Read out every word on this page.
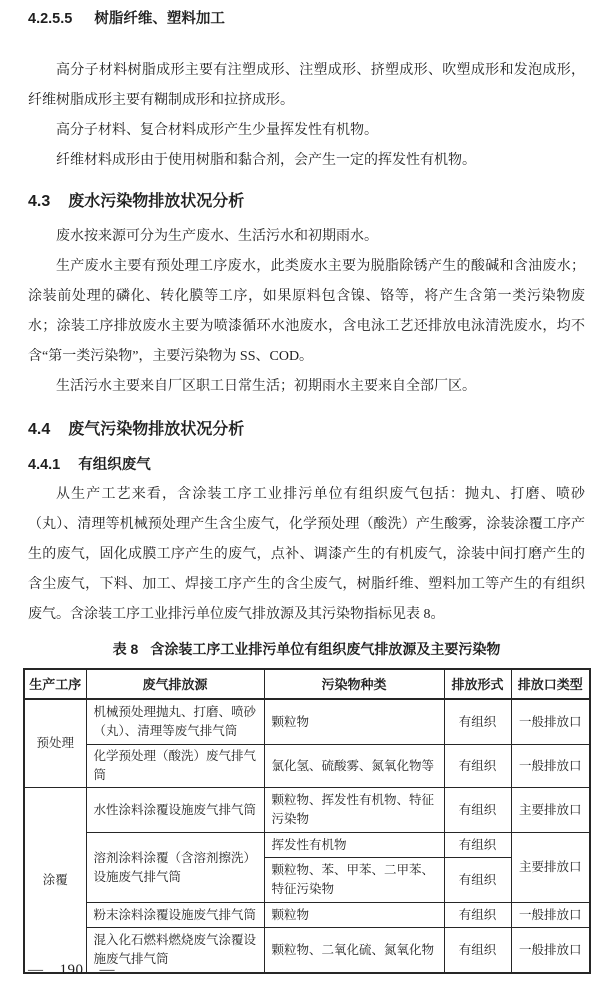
4.2.5.5 树脂纤维、塑料加工

高分子材料树脂成形主要有注塑成形、注塑成形、挤塑成形、吹塑成形和发泡成形，纤维树脂成形主要有糊制成形和拉挤成形。

高分子材料、复合材料成形产生少量挥发性有机物。

纤维材料成形由于使用树脂和黏合剂，会产生一定的挥发性有机物。

4.3 废水污染物排放状况分析

废水按来源可分为生产废水、生活污水和初期雨水。

生产废水主要有预处理工序废水，此类废水主要为脱脂除锈产生的酸碱和含油废水；涂装前处理的磷化、转化膜等工序，如果原料包含镍、铬等，将产生含第一类污染物废水；涂装工序排放废水主要为喷漆循环水池废水，含电泳工艺还排放电泳清洗废水，均不含“第一类污染物”，主要污染物为 SS、COD。

生活污水主要来自厂区职工日常生活；初期雨水主要来自全部厂区。

4.4 废气污染物排放状况分析
4.4.1 有组织废气

从生产工艺来看，含涂装工序工业排污单位有组织废气包括：抛丸、打磨、喷砂（丸）、清理等机械预处理产生含尘废气，化学预处理（酸洗）产生酸雾，涂装涂覆工序产生的废气，固化成膜工序产生的废气，点补、调漆产生的有机废气，涂装中间打磨产生的含尘废气，下料、加工、焊接工序产生的含尘废气，树脂纤维、塑料加工等产生的有组织废气。含涂装工序工业排污单位废气排放源及其污染物指标见表 8。

表 8 含涂装工序工业排污单位有组织废气排放源及主要污染物
生产工序	废气排放源	污染物种类	排放形式	排放口类型
预处理	机械预处理抛丸、打磨、喷砂（丸）、清理等废气排气筒	颗粒物	有组织	一般排放口
	化学预处理（酸洗）废气排气筒	氯化氢、硫酸雾、氮氧化物等	有组织	一般排放口
涂覆	水性涂料涂覆设施废气排气筒	颗粒物、挥发性有机物、特征污染物	有组织	主要排放口
	溶剂涂料涂覆（含溶剂擦洗）设施废气排气筒	挥发性有机物	有组织	主要排放口
		颗粒物、苯、甲苯、二甲苯、特征污染物	有组织	
	粉末涂料涂覆设施废气排气筒	颗粒物	有组织	一般排放口
	混入化石燃料燃烧废气涂覆设施废气排气筒	颗粒物、二氧化硫、氮氧化物	有组织	一般排放口
— 190 —
